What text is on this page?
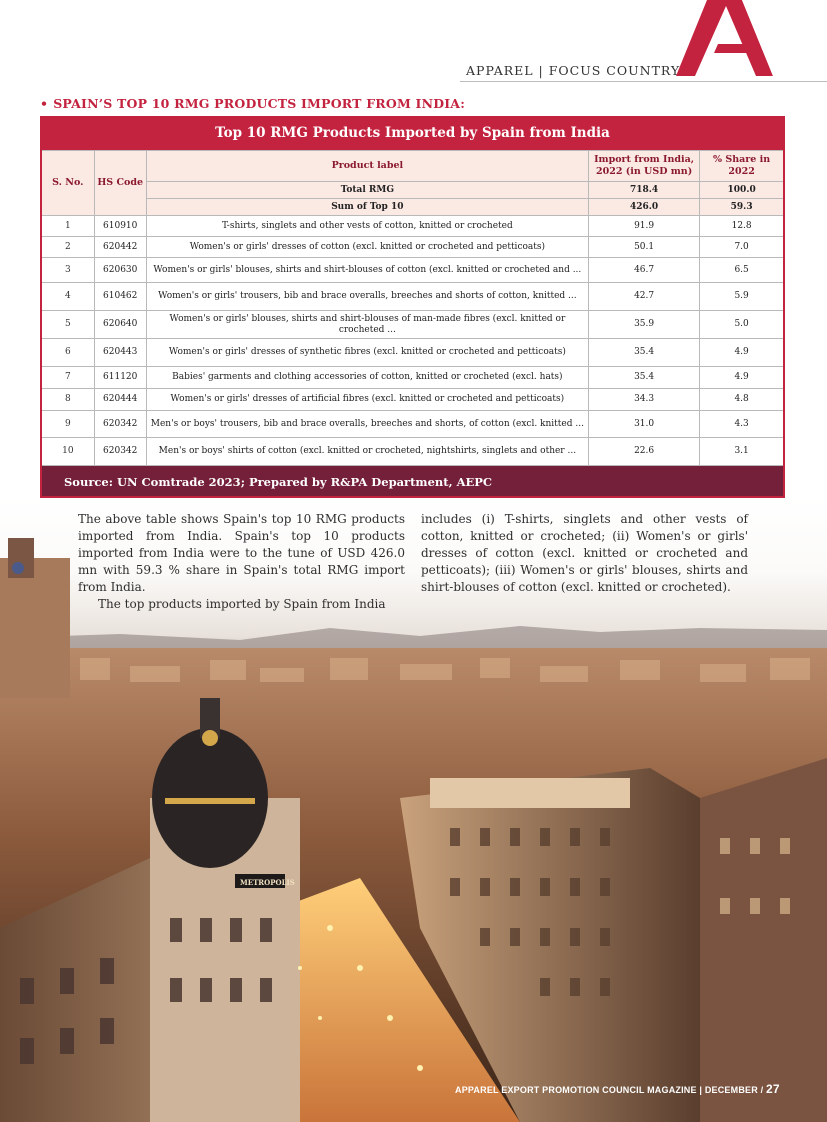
APPAREL | FOCUS COUNTRY
• SPAIN’S TOP 10 RMG PRODUCTS IMPORT FROM INDIA:
Top 10 RMG Products Imported by Spain from India
S. No.	HS Code	Product label	Import from India, 2022 (in USD mn)	% Share in 2022
		Total RMG	718.4	100.0
		Sum of Top 10	426.0	59.3
1	610910	T-shirts, singlets and other vests of cotton, knitted or crocheted	91.9	12.8
2	620442	Women's or girls' dresses of cotton (excl. knitted or crocheted and petticoats)	50.1	7.0
3	620630	Women's or girls' blouses, shirts and shirt-blouses of cotton (excl. knitted or crocheted and ...	46.7	6.5
4	610462	Women's or girls' trousers, bib and brace overalls, breeches and shorts of cotton, knitted ...	42.7	5.9
5	620640	Women's or girls' blouses, shirts and shirt-blouses of man-made fibres (excl. knitted or crocheted ...	35.9	5.0
6	620443	Women's or girls' dresses of synthetic fibres (excl. knitted or crocheted and petticoats)	35.4	4.9
7	611120	Babies' garments and clothing accessories of cotton, knitted or crocheted (excl. hats)	35.4	4.9
8	620444	Women's or girls' dresses of artificial fibres (excl. knitted or crocheted and petticoats)	34.3	4.8
9	620342	Men's or boys' trousers, bib and brace overalls, breeches and shorts, of cotton (excl. knitted ...	31.0	4.3
10	620342	Men's or boys' shirts of cotton (excl. knitted or crocheted, nightshirts, singlets and other ...	22.6	3.1
Source: UN Comtrade 2023; Prepared by R&PA Department, AEPC
METROPOLIS

The above table shows Spain's top 10 RMG products imported from India. Spain's top 10 products imported from India were to the tune of USD 426.0 mn with 59.3 % share in Spain's total RMG import from India.

The top products imported by Spain from India

includes (i) T-shirts, singlets and other vests of cotton, knitted or crocheted; (ii) Women's or girls' dresses of cotton (excl. knitted or crocheted and petticoats); (iii) Women's or girls' blouses, shirts and shirt-blouses of cotton (excl. knitted or crocheted).

APPAREL EXPORT PROMOTION COUNCIL MAGAZINE | DECEMBER / 27
